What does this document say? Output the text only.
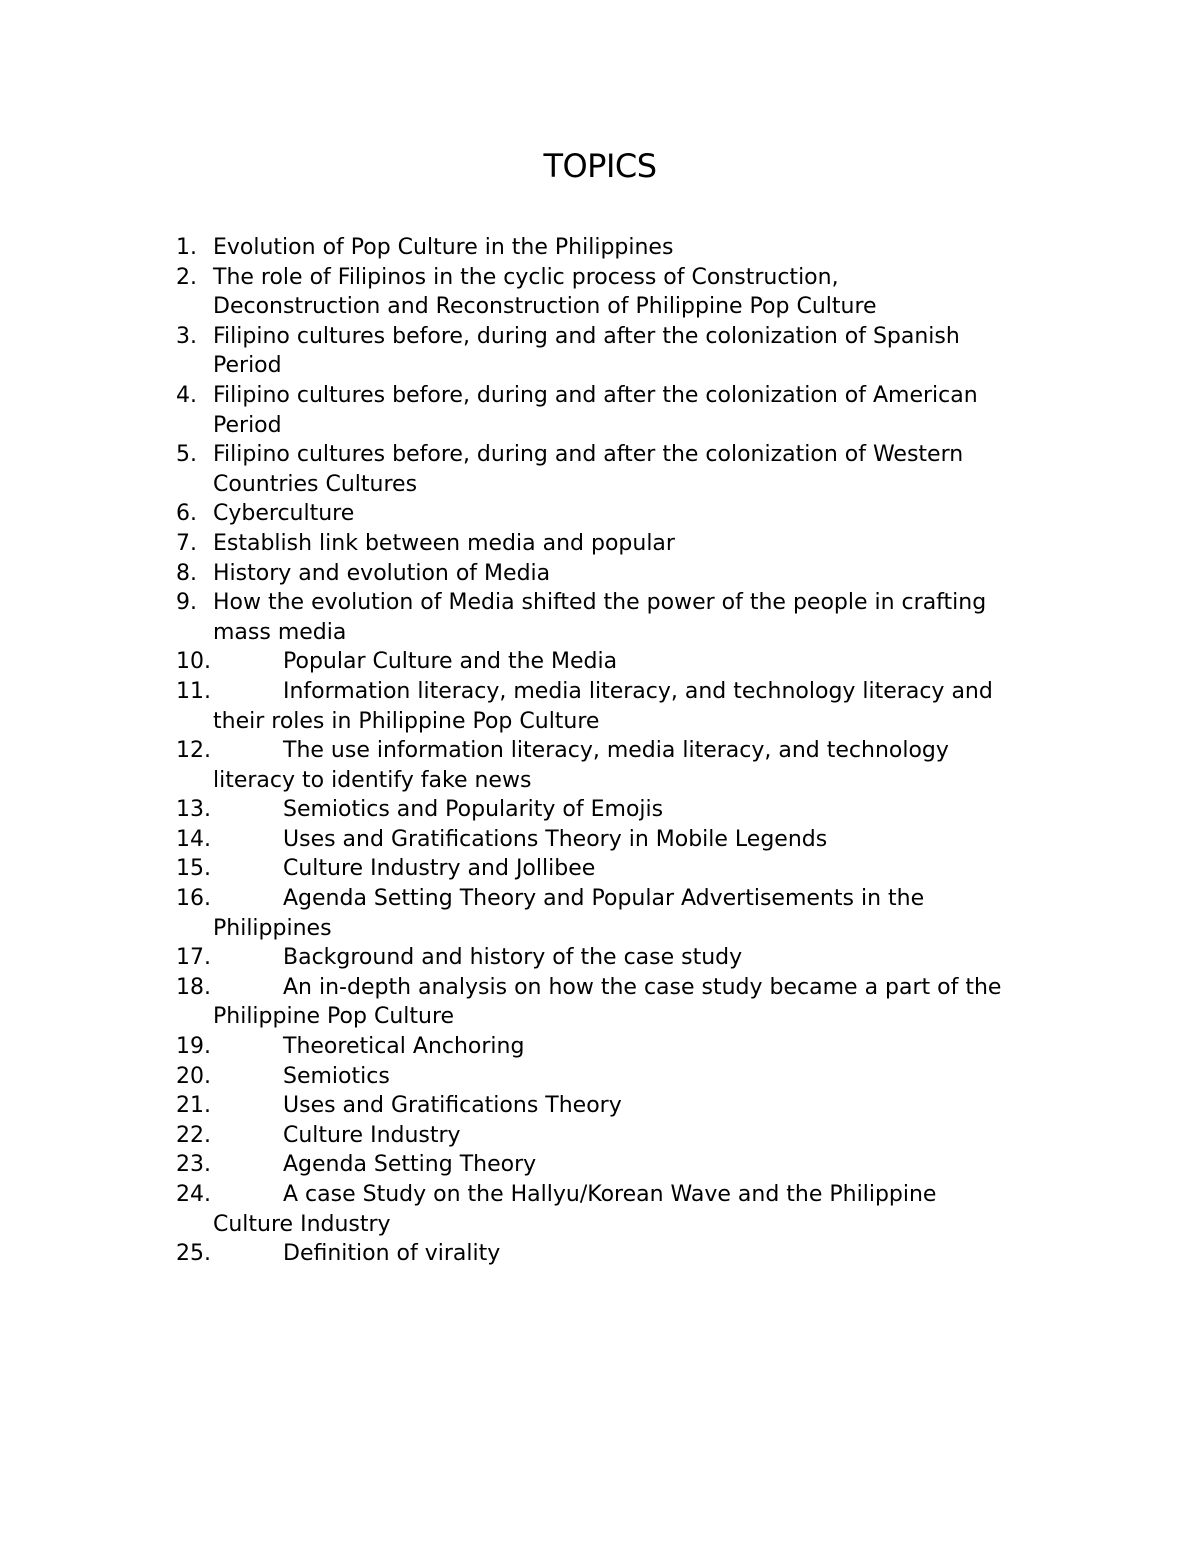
TOPICS
1. Evolution of Pop Culture in the Philippines
2. The role of Filipinos in the cyclic process of Construction,
Deconstruction and Reconstruction of Philippine Pop Culture
3. Filipino cultures before, during and after the colonization of Spanish
Period
4. Filipino cultures before, during and after the colonization of American
Period
5. Filipino cultures before, during and after the colonization of Western
Countries Cultures
6. Cyberculture
7. Establish link between media and popular
8. History and evolution of Media
9. How the evolution of Media shifted the power of the people in crafting
mass media
10.	Popular Culture and the Media
11.	Information literacy, media literacy, and technology literacy and
their roles in Philippine Pop Culture
12.	The use information literacy, media literacy, and technology
literacy to identify fake news
13.	Semiotics and Popularity of Emojis
14.	Uses and Gratifications Theory in Mobile Legends
15.	Culture Industry and Jollibee
16.	Agenda Setting Theory and Popular Advertisements in the
Philippines
17.	Background and history of the case study
18.	An in-depth analysis on how the case study became a part of the
Philippine Pop Culture
19.	Theoretical Anchoring
20.	Semiotics
21.	Uses and Gratifications Theory
22.	Culture Industry
23.	Agenda Setting Theory
24.	A case Study on the Hallyu/Korean Wave and the Philippine
Culture Industry
25.	Definition of virality
